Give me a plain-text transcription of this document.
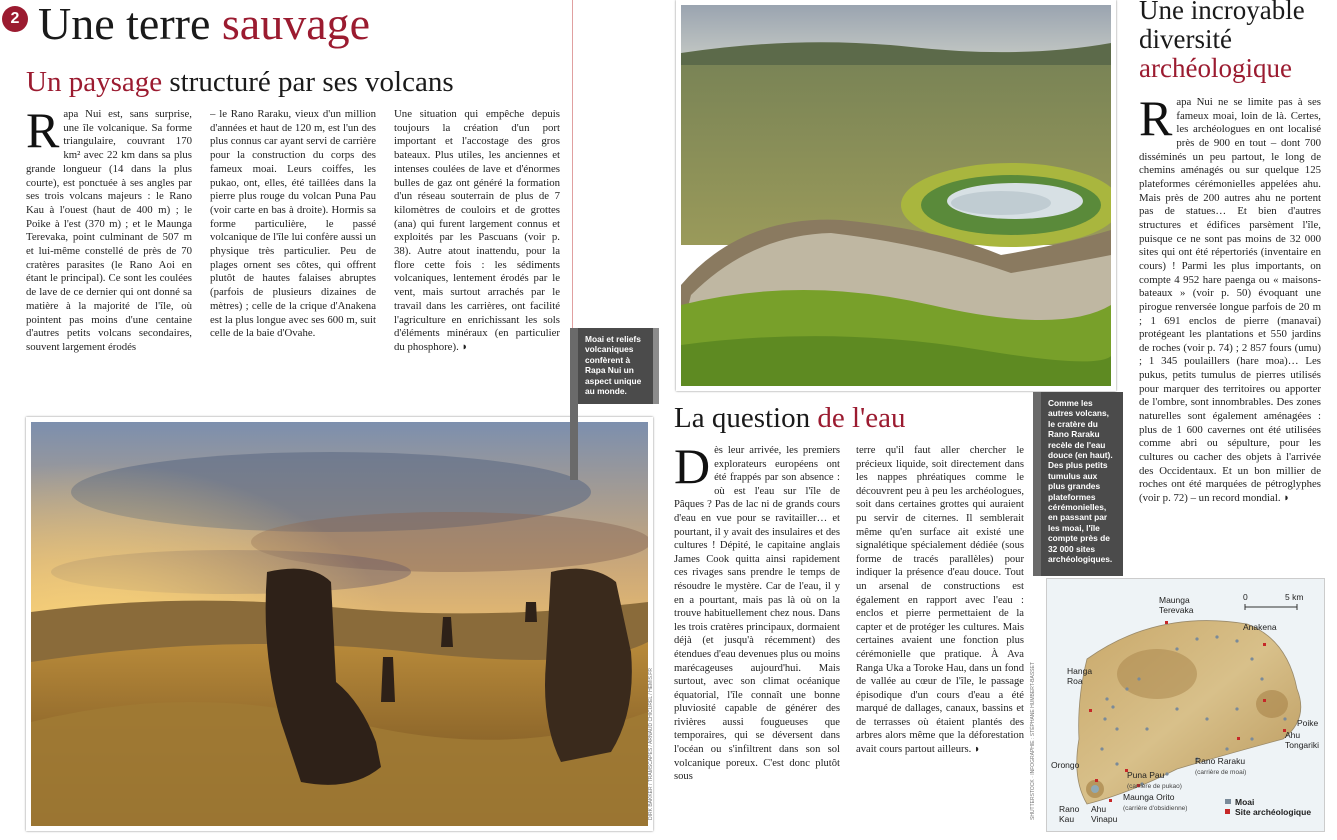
2 Une terre sauvage
Un paysage structuré par ses volcans
R apa Nui est, sans surprise, une île volcanique. Sa forme triangulaire, couvrant 170 km² avec 22 km dans sa plus grande longueur (14 dans la plus courte), est ponctuée à ses angles par ses trois volcans majeurs : le Rano Kau à l'ouest (haut de 400 m) ; le Poike à l'est (370 m) ; et le Maunga Terevaka, point culminant de 507 m et lui-même constellé de près de 70 cratères parasites (le Rano Aoi en étant le principal). Ce sont les coulées de lave de ce dernier qui ont donné sa matière à la majorité de l'île, où pointent pas moins d'une centaine d'autres petits volcans secondaires, souvent largement érodés
– le Rano Raraku, vieux d'un million d'années et haut de 120 m, est l'un des plus connus car ayant servi de carrière pour la construction du corps des fameux moai. Leurs coiffes, les pukao, ont, elles, été taillées dans la pierre plus rouge du volcan Puna Pau (voir carte en bas à droite). Hormis sa forme particulière, le passé volcanique de l'île lui confère aussi un physique très particulier. Peu de plages ornent ses côtes, qui offrent plutôt de hautes falaises abruptes (parfois de plusieurs dizaines de mètres) ; celle de la crique d'Anakena est la plus longue avec ses 600 m, suit celle de la baie d'Ovahe.
Une situation qui empêche depuis toujours la création d'un port important et l'accostage des gros bateaux. Plus utiles, les anciennes et intenses coulées de lave et d'énormes bulles de gaz ont généré la formation d'un réseau souterrain de plus de 7 kilomètres de couloirs et de grottes (ana) qui furent largement connus et exploités par les Pascuans (voir p. 38). Autre atout inattendu, pour la flore cette fois : les sédiments volcaniques, lentement érodés par le vent, mais surtout arrachés par le travail dans les carrières, ont facilité l'agriculture en enrichissant les sols d'éléments minéraux (en particulier du phosphore). ◗
Moai et reliefs volcaniques confèrent à Rapa Nui un aspect unique au monde.
Comme les autres volcans, le cratère du Rano Raraku recèle de l'eau douce (en haut). Des plus petits tumulus aux plus grandes plateformes cérémonielles, en passant par les moai, l'île compte près de 32 000 sites archéologiques.
DIRK BAKKER / TRAMSCAPES / ARNAUD CHICUREL / HEMIS.FR	SHUTTERSTOCK · INFOGRAPHIE : STÉPHANE HUMBERT-BASSET
La question de l'eau
D ès leur arrivée, les premiers explorateurs européens ont été frappés par son absence : où est l'eau sur l'île de Pâques ? Pas de lac ni de grands cours d'eau en vue pour se ravitailler… et pourtant, il y avait des insulaires et des cultures ! Dépité, le capitaine anglais James Cook quitta ainsi rapidement ces rivages sans prendre le temps de résoudre le mystère. Car de l'eau, il y en a pourtant, mais pas là où on la trouve habituellement chez nous. Dans les trois cratères principaux, dormaient déjà (et jusqu'à récemment) des étendues d'eau devenues plus ou moins marécageuses aujourd'hui. Mais surtout, avec son climat océanique équatorial, l'île connaît une bonne pluviosité capable de générer des rivières aussi fougueuses que temporaires, qui se déversent dans l'océan ou s'infiltrent dans son sol volcanique poreux. C'est donc plutôt sous
terre qu'il faut aller chercher le précieux liquide, soit directement dans les nappes phréatiques comme le découvrent peu à peu les archéologues, soit dans certaines grottes qui auraient pu servir de citernes. Il semblerait même qu'en surface ait existé une signalétique spécialement dédiée (sous forme de tracés parallèles) pour indiquer la présence d'eau douce. Tout un arsenal de constructions est également en rapport avec l'eau : enclos et pierre permettaient de la capter et de protéger les cultures. Mais certaines avaient une fonction plus cérémonielle que pratique. À Ava Ranga Uka a Toroke Hau, dans un fond de vallée au cœur de l'île, le passage épisodique d'un cours d'eau a été marqué de dallages, canaux, bassins et de terrasses où étaient plantés des arbres alors même que la déforestation avait cours partout ailleurs. ◗
Une incroyable
diversité
archéologique
R apa Nui ne se limite pas à ses fameux moai, loin de là. Certes, les archéologues en ont localisé près de 900 en tout – dont 700 disséminés un peu partout, le long de chemins aménagés ou sur quelque 125 plateformes cérémonielles appelées ahu. Mais près de 200 autres ahu ne portent pas de statues… Et bien d'autres structures et édifices parsèment l'île, puisque ce ne sont pas moins de 32 000 sites qui ont été répertoriés (inventaire en cours) ! Parmi les plus importants, on compte 4 952 hare paenga ou « maisons-bateaux » (voir p. 50) évoquant une pirogue renversée longue parfois de 20 m ; 1 691 enclos de pierre (manavai) protégeant les plantations et 550 jardins de roches (voir p. 74) ; 2 857 fours (umu) ; 1 345 poulaillers (hare moa)… Les pukus, petits tumulus de pierres utilisés pour marquer des territoires ou apporter de l'ombre, sont innombrables. Des zones naturelles sont également aménagées : plus de 1 600 cavernes ont été utilisées comme abri ou sépulture, pour les cultures ou cacher des objets à l'arrivée des Occidentaux. Et un bon millier de roches ont été marquées de pétroglyphes (voir p. 72) – un record mondial. ◗
0	5 km
Maunga Terevaka
Anakena
Hanga Roa
Poike
Ahu Tongariki
Rano Raraku
(carrière de moai)
Orongo
Puna Pau
(carrière de pukao)
Maunga Orito
(carrière d'obsidienne)
Rano Kau
Ahu Vinapu
Moai
Site archéologique
